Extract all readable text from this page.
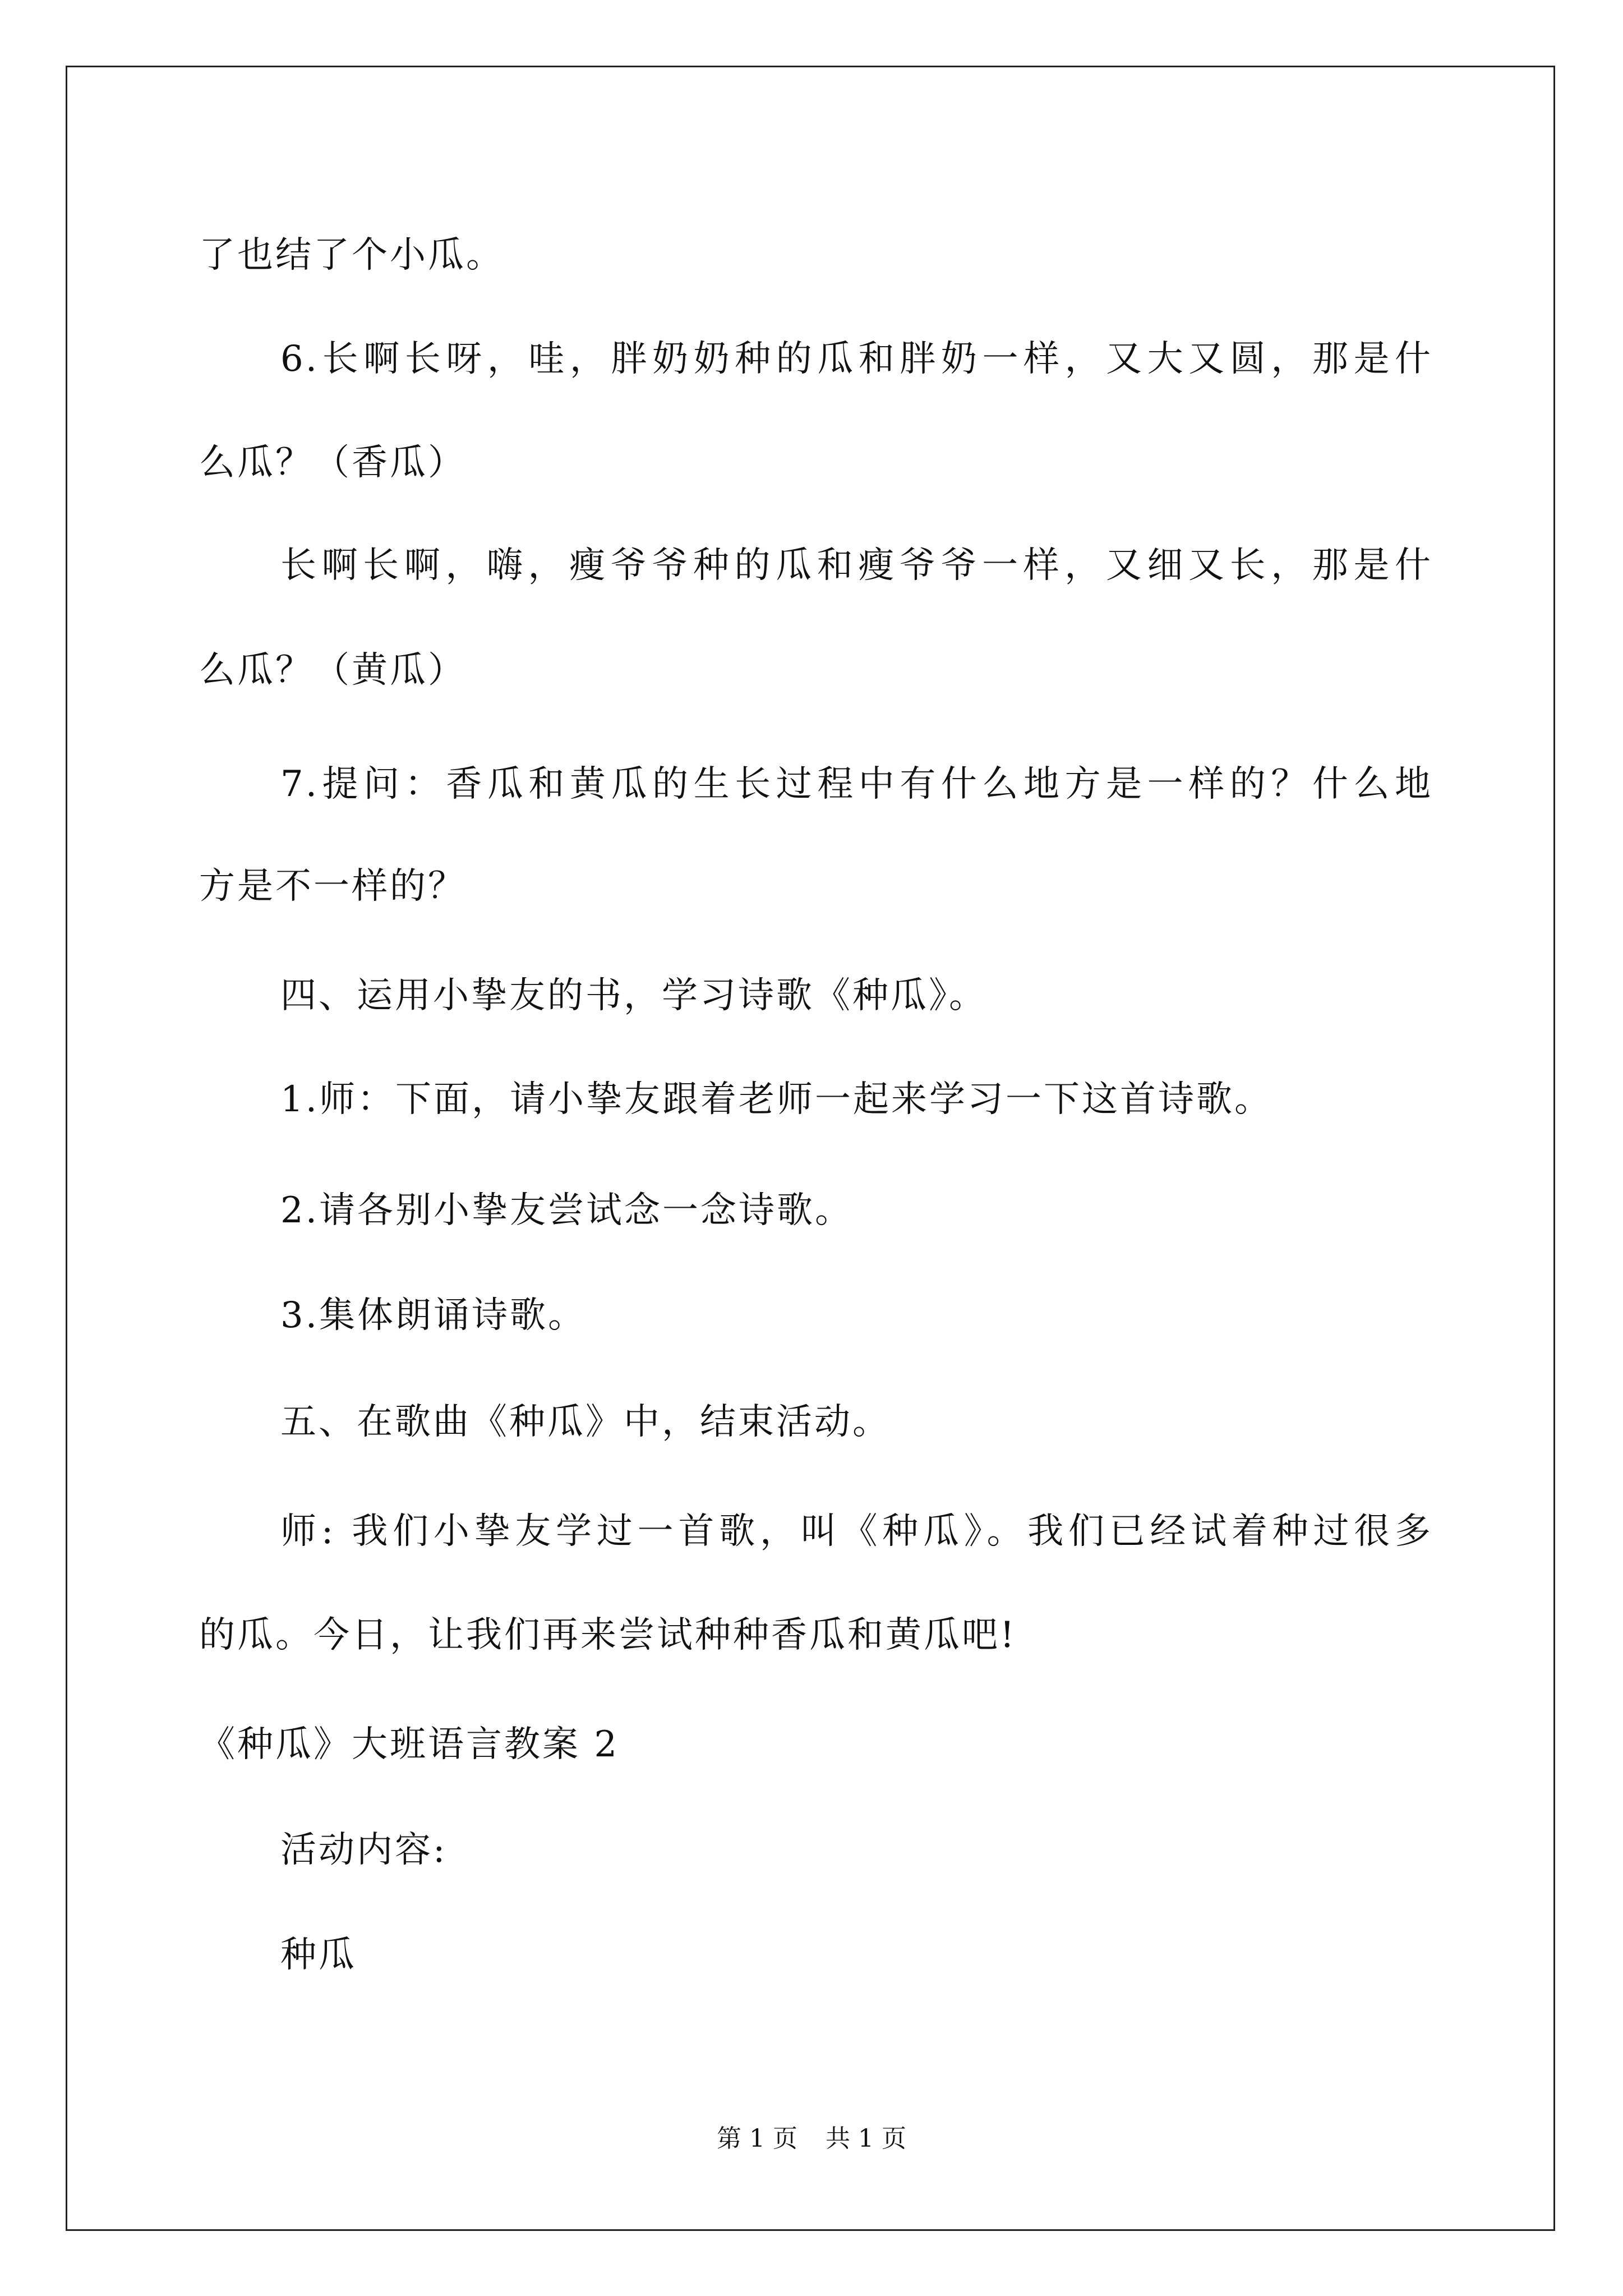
了也结了个小瓜。
6.长啊长呀，哇，胖奶奶种的瓜和胖奶一样，又大又圆，那是什
么瓜？（香瓜）
长啊长啊，嗨，瘦爷爷种的瓜和瘦爷爷一样，又细又长，那是什
么瓜？（黄瓜）
7.提问：香瓜和黄瓜的生长过程中有什么地方是一样的？什么地
方是不一样的？
四、运用小挚友的书，学习诗歌《种瓜》。
1.师：下面，请小挚友跟着老师一起来学习一下这首诗歌。
2.请各别小挚友尝试念一念诗歌。
3.集体朗诵诗歌。
五、在歌曲《种瓜》中，结束活动。
师: 我们小挚友学过一首歌，叫《种瓜》。我们已经试着种过很多
的瓜。今日，让我们再来尝试种种香瓜和黄瓜吧!
《种瓜》大班语言教案 2
活动内容:
种瓜
第 1 页 共 1 页
